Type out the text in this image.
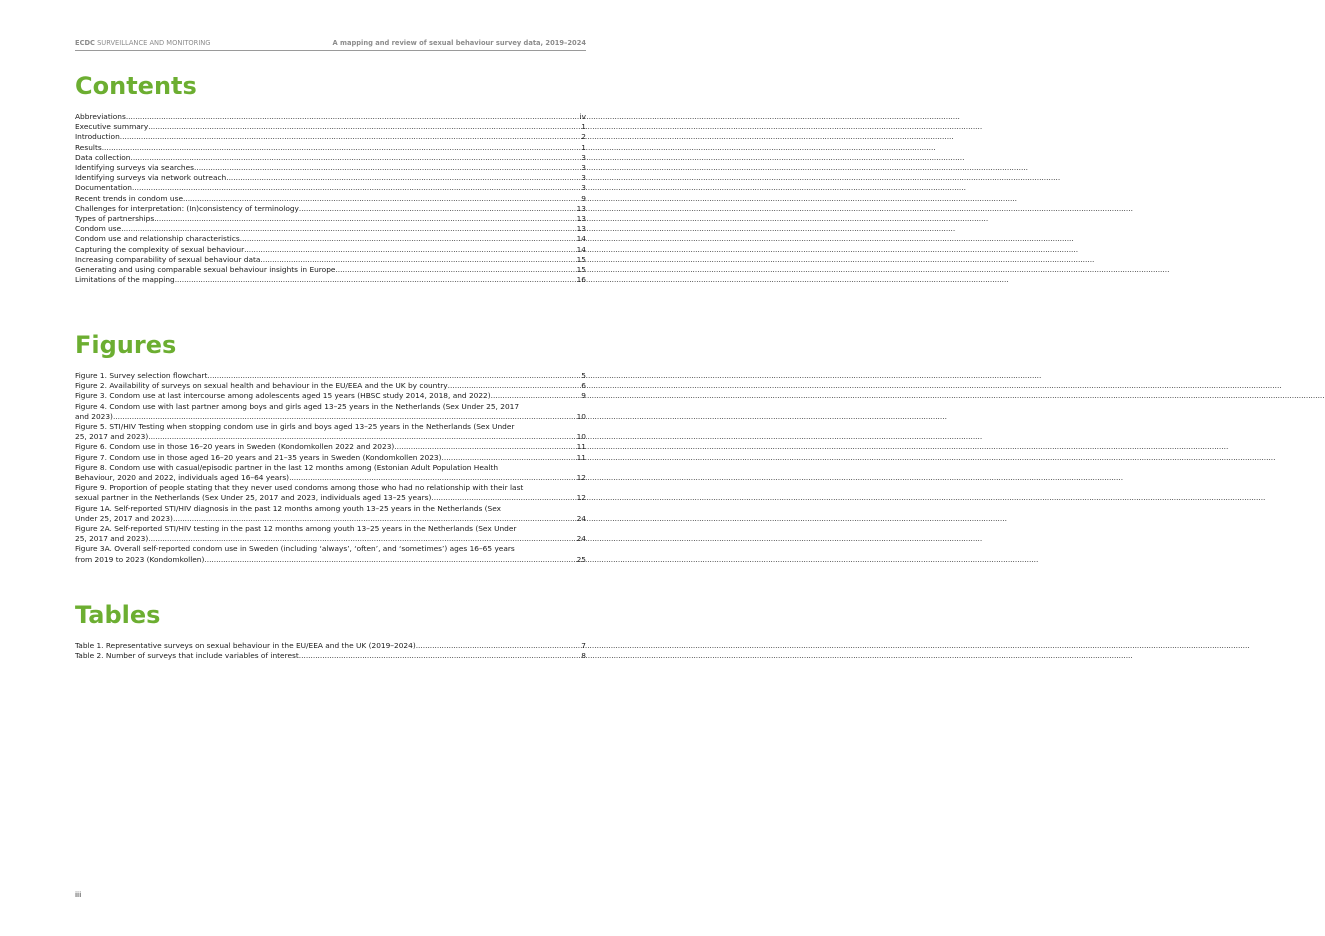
ECDC SURVEILLANCE AND MONITORING	A mapping and review of sexual behaviour survey data, 2019–2024
Contents
Abbreviations .....	iv
Executive summary .....	1
Introduction .....	2
Results .....	1
Data collection .....	3
Identifying surveys via searches .....	3
Identifying surveys via network outreach .....	3
Documentation .....	3
Recent trends in condom use .....	9
Challenges for interpretation: (In)consistency of terminology .....	13
Types of partnerships .....	13
Condom use .....	13
Condom use and relationship characteristics .....	14
Capturing the complexity of sexual behaviour .....	14
Increasing comparability of sexual behaviour data .....	15
Generating and using comparable sexual behaviour insights in Europe .....	15
Limitations of the mapping .....	16
Figures
Figure 1. Survey selection flowchart .....	5
Figure 2. Availability of surveys on sexual health and behaviour in the EU/EEA and the UK by country .....	6
Figure 3. Condom use at last intercourse among adolescents aged 15 years (HBSC study 2014, 2018, and 2022) .....	9
Figure 4. Condom use with last partner among boys and girls aged 13–25 years in the Netherlands (Sex Under 25, 2017
and 2023) .....	10
Figure 5. STI/HIV Testing when stopping condom use in girls and boys aged 13–25 years in the Netherlands (Sex Under
25, 2017 and 2023) .....	10
Figure 6. Condom use in those 16–20 years in Sweden (Kondomkollen 2022 and 2023) .....	11
Figure 7. Condom use in those aged 16–20 years and 21–35 years in Sweden (Kondomkollen 2023) .....	11
Figure 8. Condom use with casual/episodic partner in the last 12 months among (Estonian Adult Population Health
Behaviour, 2020 and 2022, individuals aged 16–64 years) .....	12
Figure 9. Proportion of people stating that they never used condoms among those who had no relationship with their last
sexual partner in the Netherlands (Sex Under 25, 2017 and 2023, individuals aged 13–25 years) .....	12
Figure 1A. Self-reported STI/HIV diagnosis in the past 12 months among youth 13–25 years in the Netherlands (Sex
Under 25, 2017 and 2023) .....	24
Figure 2A. Self-reported STI/HIV testing in the past 12 months among youth 13–25 years in the Netherlands (Sex Under
25, 2017 and 2023) .....	24
Figure 3A. Overall self-reported condom use in Sweden (including ‘always’, ‘often’, and ‘sometimes’) ages 16–65 years
from 2019 to 2023 (Kondomkollen) .....	25
Tables
Table 1. Representative surveys on sexual behaviour in the EU/EEA and the UK (2019–2024) .....	7
Table 2. Number of surveys that include variables of interest .....	8
iii
